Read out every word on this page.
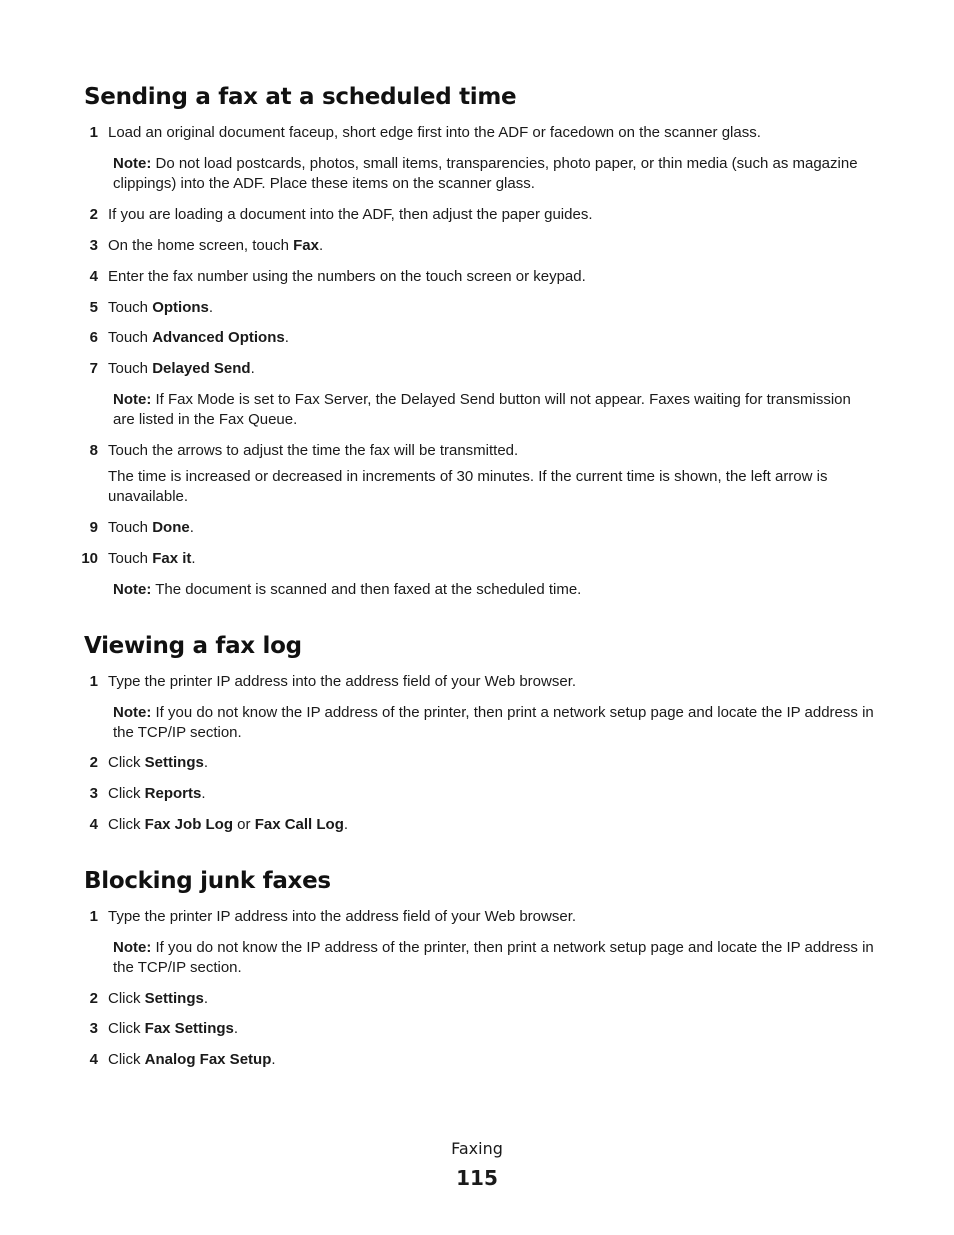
Sending a fax at a scheduled time
1 Load an original document faceup, short edge first into the ADF or facedown on the scanner glass.
Note: Do not load postcards, photos, small items, transparencies, photo paper, or thin media (such as magazine clippings) into the ADF. Place these items on the scanner glass.
2 If you are loading a document into the ADF, then adjust the paper guides.
3 On the home screen, touch Fax.
4 Enter the fax number using the numbers on the touch screen or keypad.
5 Touch Options.
6 Touch Advanced Options.
7 Touch Delayed Send.
Note: If Fax Mode is set to Fax Server, the Delayed Send button will not appear. Faxes waiting for transmission are listed in the Fax Queue.
8 Touch the arrows to adjust the time the fax will be transmitted.
The time is increased or decreased in increments of 30 minutes. If the current time is shown, the left arrow is unavailable.
9 Touch Done.
10 Touch Fax it.
Note: The document is scanned and then faxed at the scheduled time.
Viewing a fax log
1 Type the printer IP address into the address field of your Web browser.
Note: If you do not know the IP address of the printer, then print a network setup page and locate the IP address in the TCP/IP section.
2 Click Settings.
3 Click Reports.
4 Click Fax Job Log or Fax Call Log.
Blocking junk faxes
1 Type the printer IP address into the address field of your Web browser.
Note: If you do not know the IP address of the printer, then print a network setup page and locate the IP address in the TCP/IP section.
2 Click Settings.
3 Click Fax Settings.
4 Click Analog Fax Setup.
Faxing
115
